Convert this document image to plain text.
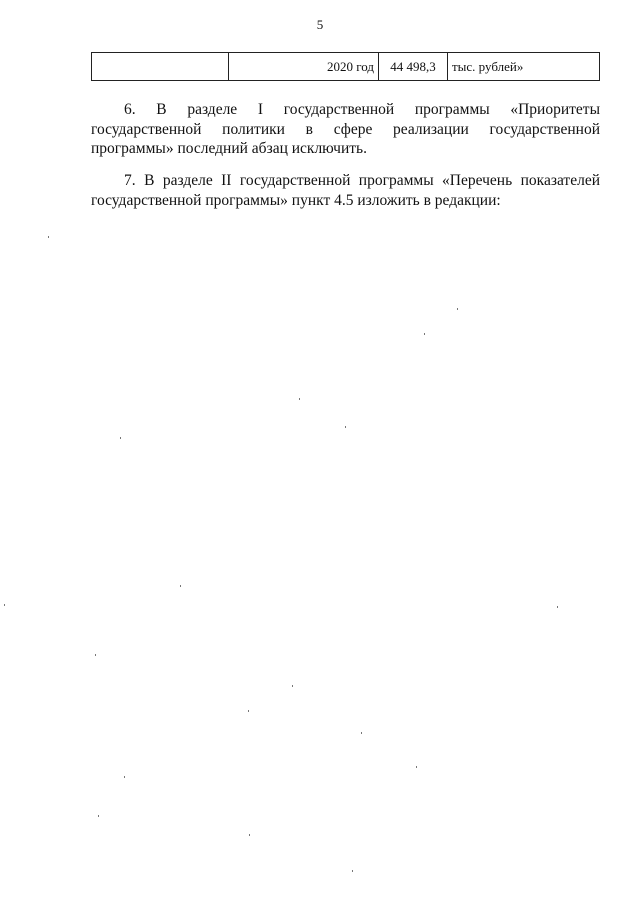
5
	2020 год	44 498,3	тыс. рублей»

6. В разделе I государственной программы «Приоритеты государственной политики в сфере реализации государственной программы» последний абзац исключить.

7. В разделе II государственной программы «Перечень показателей государственной программы» пункт 4.5 изложить в редакции:
